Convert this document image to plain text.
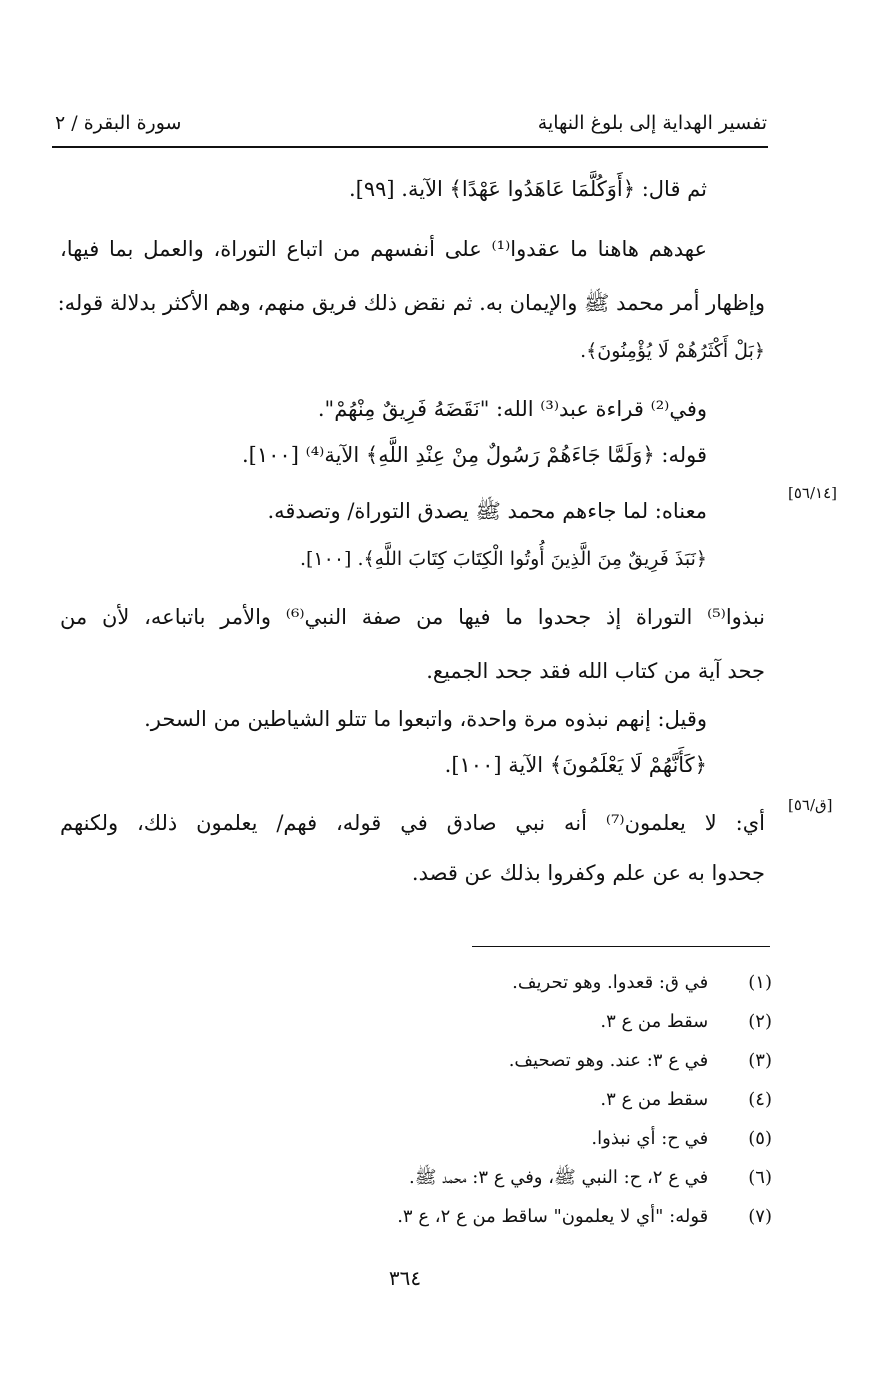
تفسير الهداية إلى بلوغ النهاية
سورة البقرة / ٢
ثم قال: ﴿أَوَكُلَّمَا عَاهَدُوا عَهْدًا﴾ الآية. [٩٩].
عهدهم هاهنا ما عقدوا⁽¹⁾ على أنفسهم من اتباع التوراة، والعمل بما فيها،
وإظهار أمر محمد ﷺ والإيمان به. ثم نقض ذلك فريق منهم، وهم الأكثر بدلالة قوله:
﴿بَلْ أَكْثَرُهُمْ لَا يُؤْمِنُونَ﴾.
وفي⁽²⁾ قراءة عبد⁽³⁾ الله: "نَقَضَهُ فَرِيقٌ مِنْهُمْ".
قوله: ﴿وَلَمَّا جَاءَهُمْ رَسُولٌ مِنْ عِنْدِ اللَّهِ﴾ الآية⁽⁴⁾ [١٠٠].
[٥٦/١٤]
معناه: لما جاءهم محمد ﷺ يصدق التوراة/ وتصدقه.
﴿نَبَذَ فَرِيقٌ مِنَ الَّذِينَ أُوتُوا الْكِتَابَ كِتَابَ اللَّهِ﴾. [١٠٠].
نبذوا⁽⁵⁾ التوراة إذ جحدوا ما فيها من صفة النبي⁽⁶⁾ والأمر باتباعه، لأن من
جحد آية من كتاب الله فقد جحد الجميع.
وقيل: إنهم نبذوه مرة واحدة، واتبعوا ما تتلو الشياطين من السحر.
﴿كَأَنَّهُمْ لَا يَعْلَمُونَ﴾ الآية [١٠٠].
[ق/٥٦]
أي: لا يعلمون⁽⁷⁾ أنه نبي صادق في قوله، فهم/ يعلمون ذلك، ولكنهم
جحدوا به عن علم وكفروا بذلك عن قصد.
(١) في ق: قعدوا. وهو تحريف.
(٢) سقط من ع ٣.
(٣) في ع ٣: عند. وهو تصحيف.
(٤) سقط من ع ٣.
(٥) في ح: أي نبذوا.
(٦) في ع ٢، ح: النبي ﷺ، وفي ع ٣: محمد ﷺ.
(٧) قوله: "أي لا يعلمون" ساقط من ع ٢، ع ٣.
٣٦٤
